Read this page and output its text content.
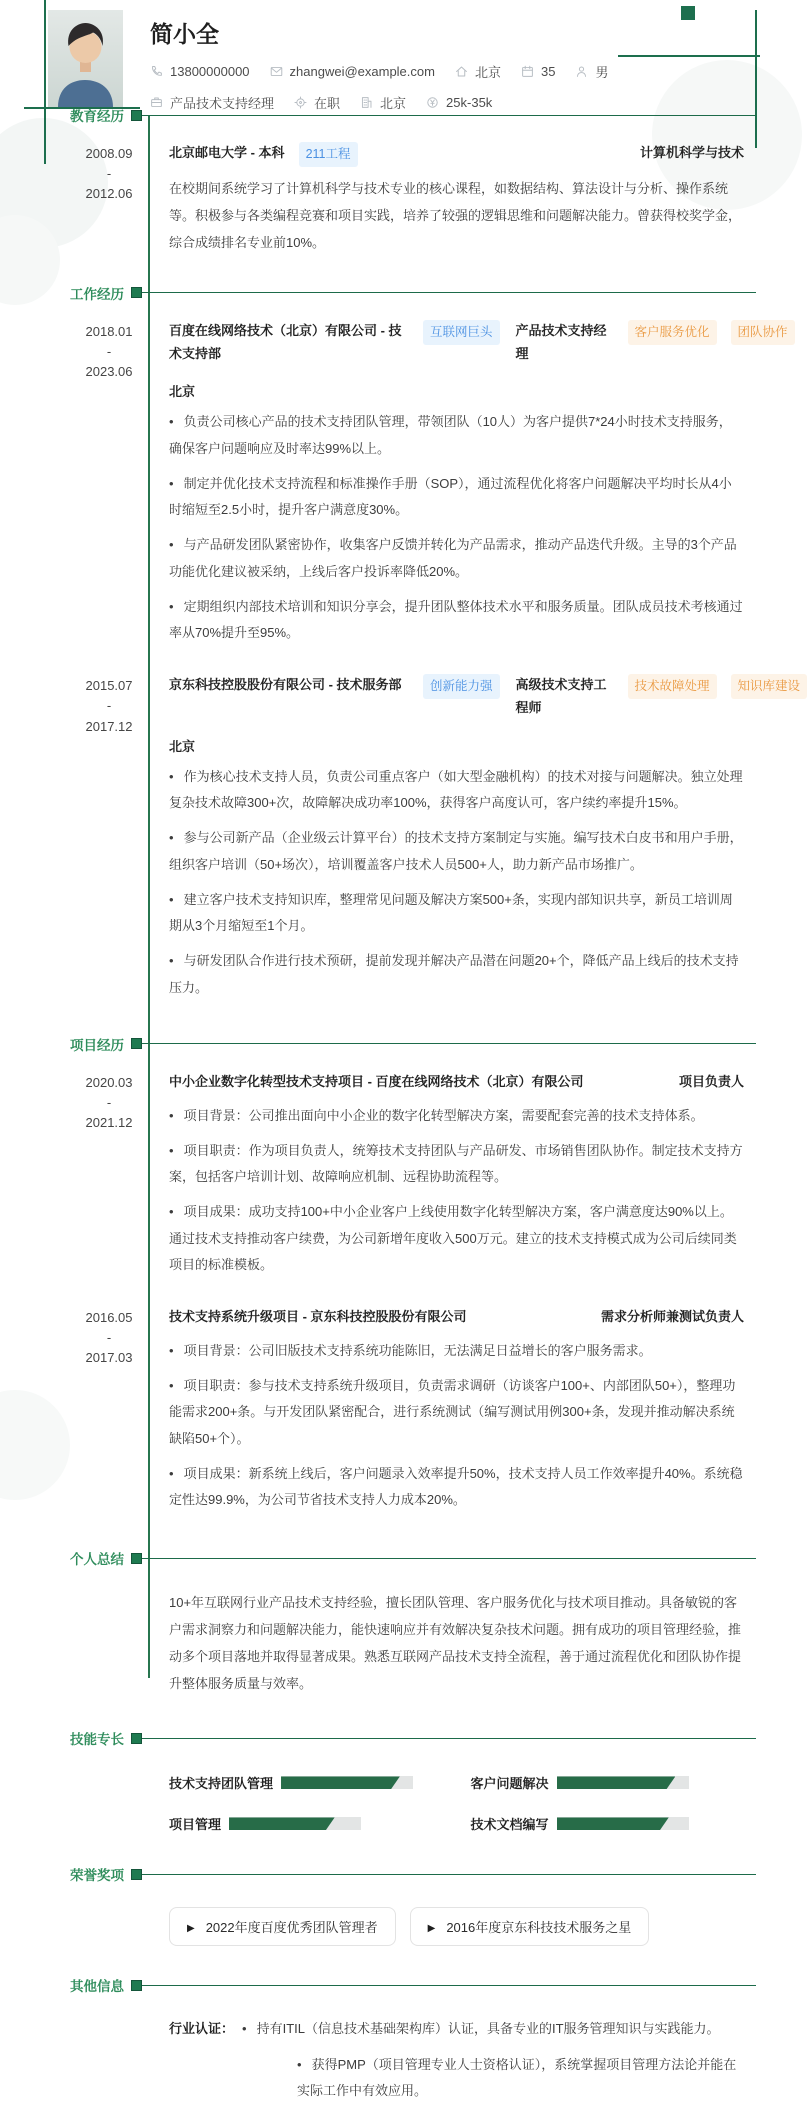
简小全
13800000000	zhangwei@example.com	北京	35	男
产品技术支持经理	在职	北京	25k-35k
教育经历
2008.09
-
2012.06
北京邮电大学 - 本科	211工程	计算机科学与技术
在校期间系统学习了计算机科学与技术专业的核心课程，如数据结构、算法设计与分析、操作系统等。积极参与各类编程竞赛和项目实践，培养了较强的逻辑思维和问题解决能力。曾获得校奖学金，综合成绩排名专业前10%。
工作经历
2018.01
-
2023.06
百度在线网络技术（北京）有限公司 - 技术支持部
互联网巨头	产品技术支持经理
客户服务优化	团队协作
北京
• 负责公司核心产品的技术支持团队管理，带领团队（10人）为客户提供7*24小时技术支持服务，确保客户问题响应及时率达99%以上。
• 制定并优化技术支持流程和标准操作手册（SOP），通过流程优化将客户问题解决平均时长从4小时缩短至2.5小时，提升客户满意度30%。
• 与产品研发团队紧密协作，收集客户反馈并转化为产品需求，推动产品迭代升级。主导的3个产品功能优化建议被采纳，上线后客户投诉率降低20%。
• 定期组织内部技术培训和知识分享会，提升团队整体技术水平和服务质量。团队成员技术考核通过率从70%提升至95%。
2015.07
-
2017.12
京东科技控股股份有限公司 - 技术服务部	创新能力强	高级技术支持工程师
技术故障处理	知识库建设
北京
• 作为核心技术支持人员，负责公司重点客户（如大型金融机构）的技术对接与问题解决。独立处理复杂技术故障300+次，故障解决成功率100%，获得客户高度认可，客户续约率提升15%。
• 参与公司新产品（企业级云计算平台）的技术支持方案制定与实施。编写技术白皮书和用户手册，组织客户培训（50+场次），培训覆盖客户技术人员500+人，助力新产品市场推广。
• 建立客户技术支持知识库，整理常见问题及解决方案500+条，实现内部知识共享，新员工培训周期从3个月缩短至1个月。
• 与研发团队合作进行技术预研，提前发现并解决产品潜在问题20+个，降低产品上线后的技术支持压力。
项目经历
2020.03
-
2021.12
中小企业数字化转型技术支持项目 - 百度在线网络技术（北京）有限公司	项目负责人
• 项目背景：公司推出面向中小企业的数字化转型解决方案，需要配套完善的技术支持体系。
• 项目职责：作为项目负责人，统筹技术支持团队与产品研发、市场销售团队协作。制定技术支持方案，包括客户培训计划、故障响应机制、远程协助流程等。
• 项目成果：成功支持100+中小企业客户上线使用数字化转型解决方案，客户满意度达90%以上。通过技术支持推动客户续费，为公司新增年度收入500万元。建立的技术支持模式成为公司后续同类项目的标准模板。
2016.05
-
2017.03
技术支持系统升级项目 - 京东科技控股股份有限公司	需求分析师兼测试负责人
• 项目背景：公司旧版技术支持系统功能陈旧，无法满足日益增长的客户服务需求。
• 项目职责：参与技术支持系统升级项目，负责需求调研（访谈客户100+、内部团队50+），整理功能需求200+条。与开发团队紧密配合，进行系统测试（编写测试用例300+条，发现并推动解决系统缺陷50+个）。
• 项目成果：新系统上线后，客户问题录入效率提升50%，技术支持人员工作效率提升40%。系统稳定性达99.9%，为公司节省技术支持人力成本20%。
个人总结
10+年互联网行业产品技术支持经验，擅长团队管理、客户服务优化与技术项目推动。具备敏锐的客户需求洞察力和问题解决能力，能快速响应并有效解决复杂技术问题。拥有成功的项目管理经验，推动多个项目落地并取得显著成果。熟悉互联网产品技术支持全流程，善于通过流程优化和团队协作提升整体服务质量与效率。
技能专长
技术支持团队管理	客户问题解决
项目管理	技术文档编写
荣誉奖项
▶
2022年度百度优秀团队管理者 ▶	2016年度京东科技技术服务之星
其他信息
行业认证：	• 持有ITIL（信息技术基础架构库）认证，具备专业的IT服务管理知识与实践能力。
• 获得PMP（项目管理专业人士资格认证），系统掌握项目管理方法论并能在实际工作中有效应用。
